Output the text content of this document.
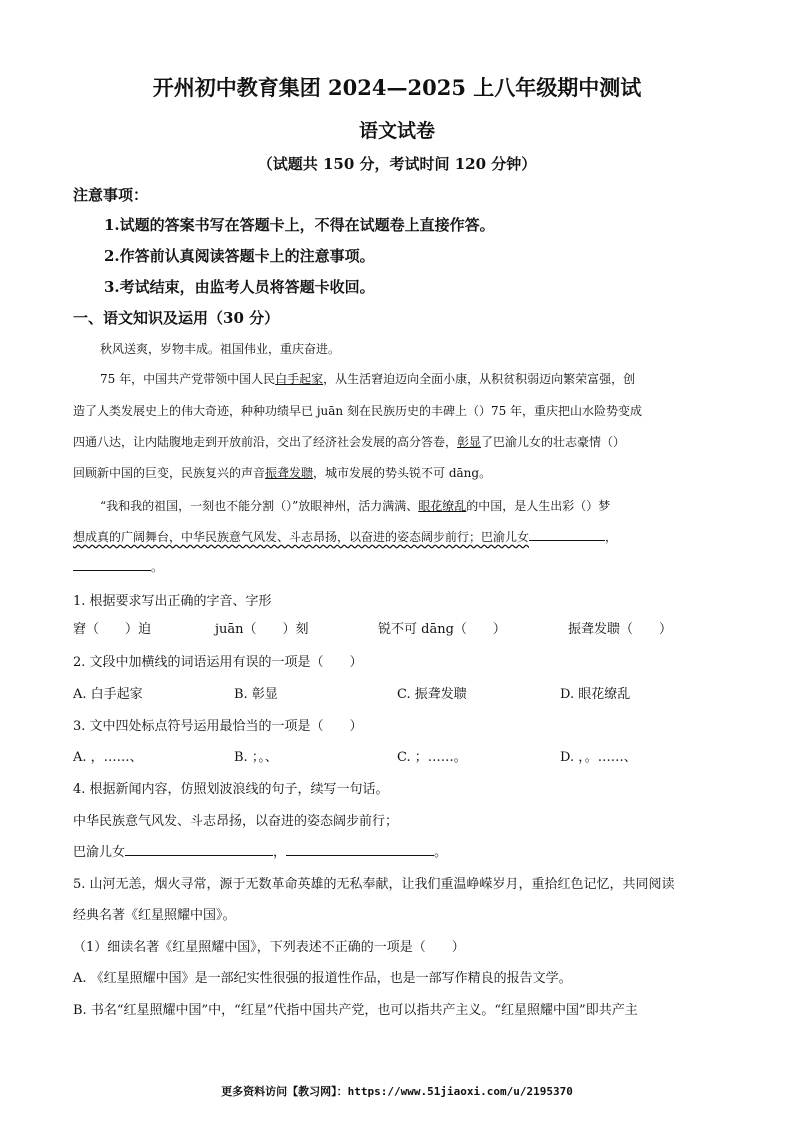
开州初中教育集团 2024—2025 上八年级期中测试
语文试卷
（试题共 150 分，考试时间 120 分钟）
注意事项：
1.试题的答案书写在答题卡上，不得在试题卷上直接作答。
2.作答前认真阅读答题卡上的注意事项。
3.考试结束，由监考人员将答题卡收回。
一、语文知识及运用（30 分）
秋风送爽，岁物丰成。祖国伟业，重庆奋进。
75 年，中国共产党带领中国人民白手起家，从生活窘迫迈向全面小康，从积贫积弱迈向繁荣富强，创
造了人类发展史上的伟大奇迹，种种功绩早已 juān 刻在民族历史的丰碑上（）75 年，重庆把山水险势变成
四通八达，让内陆腹地走到开放前沿，交出了经济社会发展的高分答卷，彰显了巴渝儿女的壮志豪情（）
回顾新中国的巨变，民族复兴的声音振聋发聩，城市发展的势头锐不可 dāng。
“我和我的祖国，一刻也不能分割（）”放眼神州，活力满满、眼花缭乱的中国，是人生出彩（）梦
想成真的广阔舞台，中华民族意气风发、斗志昂扬，以奋进的姿态阔步前行；巴渝儿女	，
。
1. 根据要求写出正确的字音、字形
窘（　　）迫	juān（　　）刻	锐不可 dāng（　　）	振聋发聩（　　）
2. 文段中加横线的词语运用有误的一项是（　　）
A. 白手起家	B. 彰显	C. 振聋发聩	D. 眼花缭乱
3. 文中四处标点符号运用最恰当的一项是（　　）
A. ，……、	B. ；。、	C. ；……。	D. ，。……、
4. 根据新闻内容，仿照划波浪线的句子，续写一句话。
中华民族意气风发、斗志昂扬，以奋进的姿态阔步前行；
巴渝儿女	，	。
5. 山河无恙，烟火寻常，源于无数革命英雄的无私奉献，让我们重温峥嵘岁月，重拾红色记忆，共同阅读
经典名著《红星照耀中国》。
（1）细读名著《红星照耀中国》，下列表述不正确的一项是（　　）
A. 《红星照耀中国》是一部纪实性很强的报道性作品，也是一部写作精良的报告文学。
B. 书名“红星照耀中国”中，“红星”代指中国共产党，也可以指共产主义。“红星照耀中国”即共产主
更多资料访问【教习网】：https://www.51jiaoxi.com/u/2195370
